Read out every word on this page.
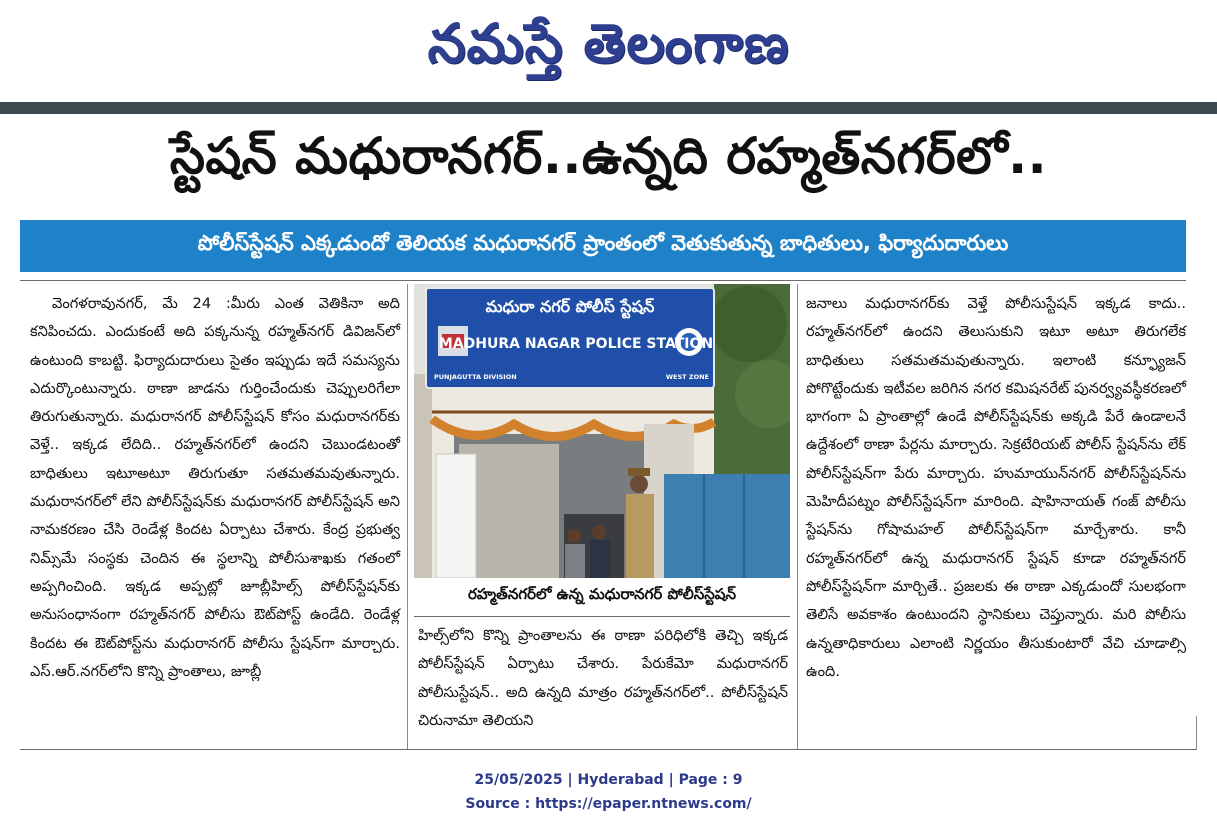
నమస్తే తెలంగాణ
స్టేషన్ మధురానగర్..ఉన్నది రహ్మత్‌నగర్‌లో..
పోలీస్‌స్టేషన్ ఎక్కడుందో తెలియక మధురానగర్ ప్రాంతంలో వెతుకుతున్న బాధితులు, ఫిర్యాదుదారులు

వెంగళరావునగర్, మే 24 :మీరు ఎంత వెతికినా అది కనిపించదు. ఎందుకంటే అది పక్కనున్న రహ్మత్‌నగర్ డివిజన్‌లో ఉంటుంది కాబట్టి. ఫిర్యాదుదారులు సైతం ఇప్పుడు ఇదే సమస్యను ఎదుర్కొంటున్నారు. ఠాణా జాడను గుర్తించేందుకు చెప్పులరిగేలా తిరుగుతున్నారు. మధురానగర్ పోలీస్‌స్టేషన్ కోసం మధురానగర్‌కు వెళ్తే.. ఇక్కడ లేదిది.. రహ్మత్‌నగర్‌లో ఉందని చెబుండటంతో బాధితులు ఇటూఅటూ తిరుగుతూ సతమతమవుతున్నారు. మధురానగర్‌లో లేని పోలీస్‌స్టేషన్‌కు మధురానగర్ పోలీస్‌స్టేషన్ అని నామకరణం చేసి రెండేళ్ల కిందట ఏర్పాటు చేశారు. కేంద్ర ప్రభుత్వ నిమ్స్‌మే సంస్థకు చెందిన ఈ స్థలాన్ని పోలీసుశాఖకు గతంలో అప్పగించింది. ఇక్కడ అప్పట్లో జూబ్లీహిల్స్ పోలీస్‌స్టేషన్‌కు అనుసంధానంగా రహ్మత్‌నగర్ పోలీసు ఔట్‌పోస్ట్ ఉండేది. రెండేళ్ల కిందట ఈ ఔట్‌పోస్ట్‌ను మధురానగర్ పోలీసు స్టేషన్‌గా మార్చారు. ఎస్.ఆర్.నగర్‌లోని కొన్ని ప్రాంతాలు, జూబ్లీ

మధురా నగర్ పోలీస్ స్టేషన్
MADHURA NAGAR POLICE STATION
PUNJAGUTTA DIVISION	WEST ZONE
రహ్మత్‌నగర్‌లో ఉన్న మధురానగర్ పోలీస్‌స్టేషన్

హిల్స్‌లోని కొన్ని ప్రాంతాలను ఈ ఠాణా పరిధిలోకి తెచ్చి ఇక్కడ పోలీస్‌స్టేషన్ ఏర్పాటు చేశారు. పేరుకేమో మధురానగర్ పోలీసుస్టేషన్.. అది ఉన్నది మాత్రం రహ్మత్‌నగర్‌లో.. పోలీస్‌స్టేషన్ చిరునామా తెలియని

జనాలు మధురానగర్‌కు వెళ్తే పోలీసుస్టేషన్ ఇక్కడ కాదు.. రహ్మత్‌నగర్‌లో ఉందని తెలుసుకుని ఇటూ అటూ తిరుగలేక బాధితులు సతమతమవుతున్నారు. ఇలాంటి కన్ఫ్యూజన్ పోగొట్టేందుకు ఇటీవల జరిగిన నగర కమిషనరేట్ పునర్వ్యవస్థీకరణలో భాగంగా ఏ ప్రాంతాల్లో ఉండే పోలీస్‌స్టేషన్‌కు అక్కడి పేరే ఉండాలనే ఉద్దేశంలో ఠాణా పేర్లను మార్చారు. సెక్రటేరియట్ పోలీస్ స్టేషన్‌ను లేక్ పోలీస్‌స్టేషన్‌గా పేరు మార్చారు. హుమాయున్‌నగర్ పోలీస్‌స్టేషన్‌ను మెహిదీపట్నం పోలీస్‌స్టేషన్‌గా మారింది. షాహినాయత్ గంజ్ పోలీసు స్టేషన్‌ను గోషామహల్ పోలీస్‌స్టేషన్‌గా మార్చేశారు. కానీ రహ్మత్‌నగర్‌లో ఉన్న మధురానగర్ స్టేషన్ కూడా రహ్మత్‌నగర్ పోలీస్‌స్టేషన్‌గా మార్చితే.. ప్రజలకు ఈ ఠాణా ఎక్కడుందో సులభంగా తెలిసే అవకాశం ఉంటుందని స్థానికులు చెప్తున్నారు. మరి పోలీసు ఉన్నతాధికారులు ఎలాంటి నిర్ణయం తీసుకుంటారో వేచి చూడాల్సి ఉంది.

25/05/2025 | Hyderabad | Page : 9
Source : https://epaper.ntnews.com/
